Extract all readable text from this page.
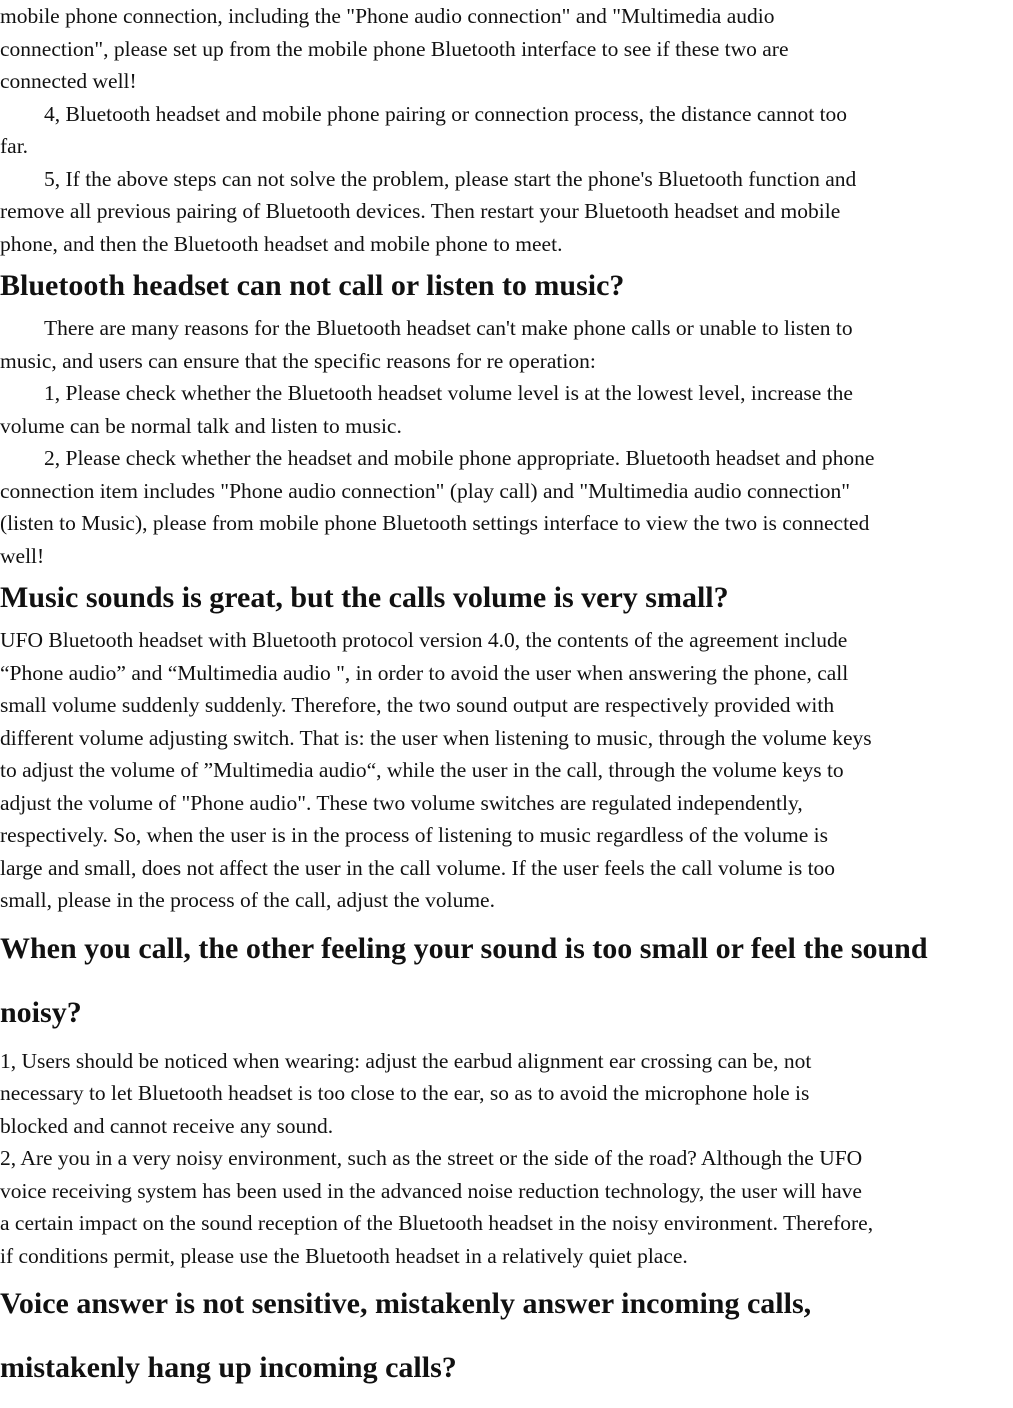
mobile phone connection, including the "Phone audio connection" and "Multimedia audio
connection", please set up from the mobile phone Bluetooth interface to see if these two are
connected well!

4, Bluetooth headset and mobile phone pairing or connection process, the distance cannot too
far.

5, If the above steps can not solve the problem, please start the phone's Bluetooth function and
remove all previous pairing of Bluetooth devices. Then restart your Bluetooth headset and mobile
phone, and then the Bluetooth headset and mobile phone to meet.

Bluetooth headset can not call or listen to music?

There are many reasons for the Bluetooth headset can't make phone calls or unable to listen to
music, and users can ensure that the specific reasons for re operation:

1, Please check whether the Bluetooth headset volume level is at the lowest level, increase the
volume can be normal talk and listen to music.

2, Please check whether the headset and mobile phone appropriate. Bluetooth headset and phone
connection item includes "Phone audio connection" (play call) and "Multimedia audio connection"
(listen to Music), please from mobile phone Bluetooth settings interface to view the two is connected
well!

Music sounds is great, but the calls volume is very small?

UFO Bluetooth headset with Bluetooth protocol version 4.0, the contents of the agreement include
“Phone audio” and “Multimedia audio ", in order to avoid the user when answering the phone, call
small volume suddenly suddenly. Therefore, the two sound output are respectively provided with
different volume adjusting switch. That is: the user when listening to music, through the volume keys
to adjust the volume of ”Multimedia audio“, while the user in the call, through the volume keys to
adjust the volume of "Phone audio". These two volume switches are regulated independently,
respectively. So, when the user is in the process of listening to music regardless of the volume is
large and small, does not affect the user in the call volume. If the user feels the call volume is too
small, please in the process of the call, adjust the volume.

When you call, the other feeling your sound is too small or feel the sound
noisy?

1, Users should be noticed when wearing: adjust the earbud alignment ear crossing can be, not
necessary to let Bluetooth headset is too close to the ear, so as to avoid the microphone hole is
blocked and cannot receive any sound.
2, Are you in a very noisy environment, such as the street or the side of the road? Although the UFO
voice receiving system has been used in the advanced noise reduction technology, the user will have
a certain impact on the sound reception of the Bluetooth headset in the noisy environment. Therefore,
if conditions permit, please use the Bluetooth headset in a relatively quiet place.

Voice answer is not sensitive, mistakenly answer incoming calls,
mistakenly hang up incoming calls?
